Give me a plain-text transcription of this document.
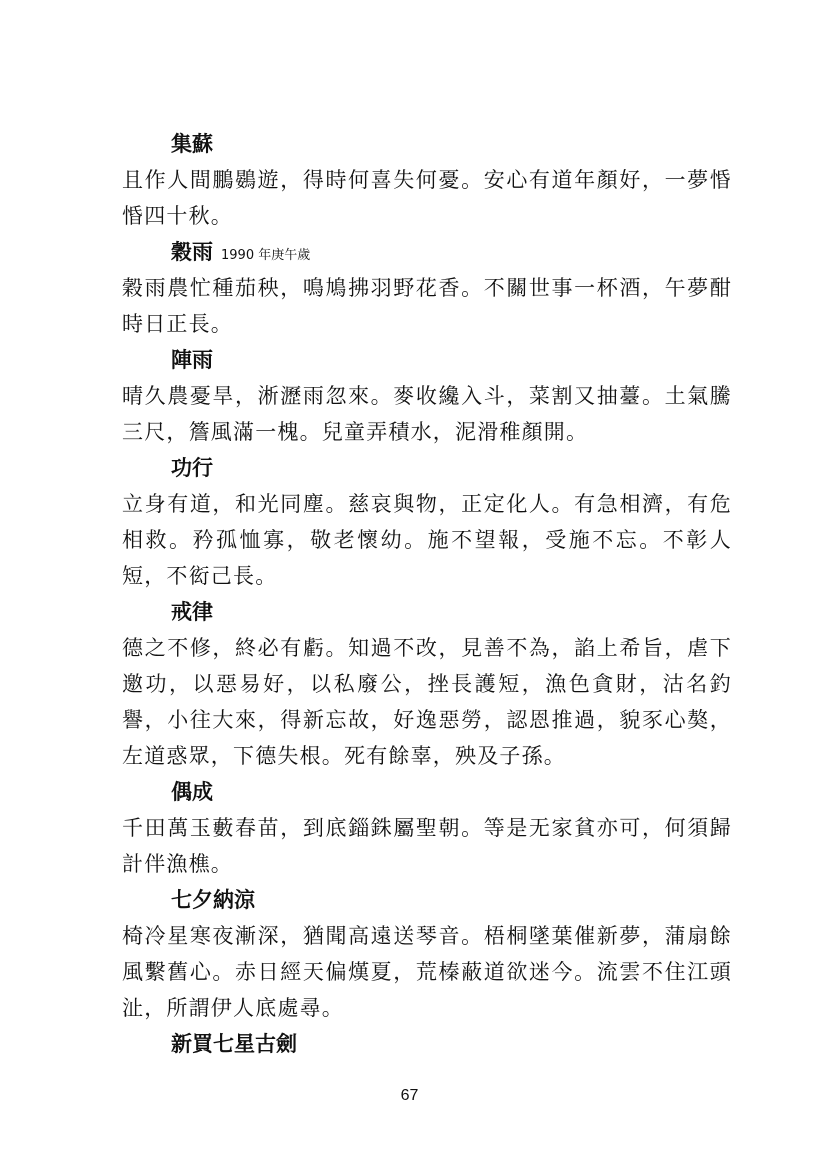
集蘇
且作人間鵬鷃遊，得時何喜失何憂。安心有道年顏好，一夢惛惛四十秋。
穀雨 1990 年庚午歲
穀雨農忙種茄秧，鳴鳩拂羽野花香。不關世事一杯酒，午夢酣時日正長。
陣雨
晴久農憂旱，淅瀝雨忽來。麥收纔入斗，菜割又抽薹。土氣騰三尺，簷風滿一槐。兒童弄積水，泥滑稚顏開。
功行
立身有道，和光同塵。慈哀與物，正定化人。有急相濟，有危相救。矜孤恤寡，敬老懷幼。施不望報，受施不忘。不彰人短，不衒己長。
戒律
德之不修，終必有虧。知過不改，見善不為，諂上希旨，虐下邀功，以惡易好，以私廢公，挫長護短，漁色貪財，沽名釣譽，小往大來，得新忘故，好逸惡勞，認恩推過，貌豕心獒，左道惑眾，下德失根。死有餘辜，殃及子孫。
偶成
千田萬玉藪春苗，到底錙銖屬聖朝。等是无家貧亦可，何須歸計伴漁樵。
七夕納涼
椅冷星寒夜漸深，猶聞高遠送琴音。梧桐墜葉催新夢，蒲扇餘風繫舊心。赤日經天偏熯夏，荒榛蔽道欲迷今。流雲不住江頭沚，所謂伊人底處尋。
新買七星古劍
67
